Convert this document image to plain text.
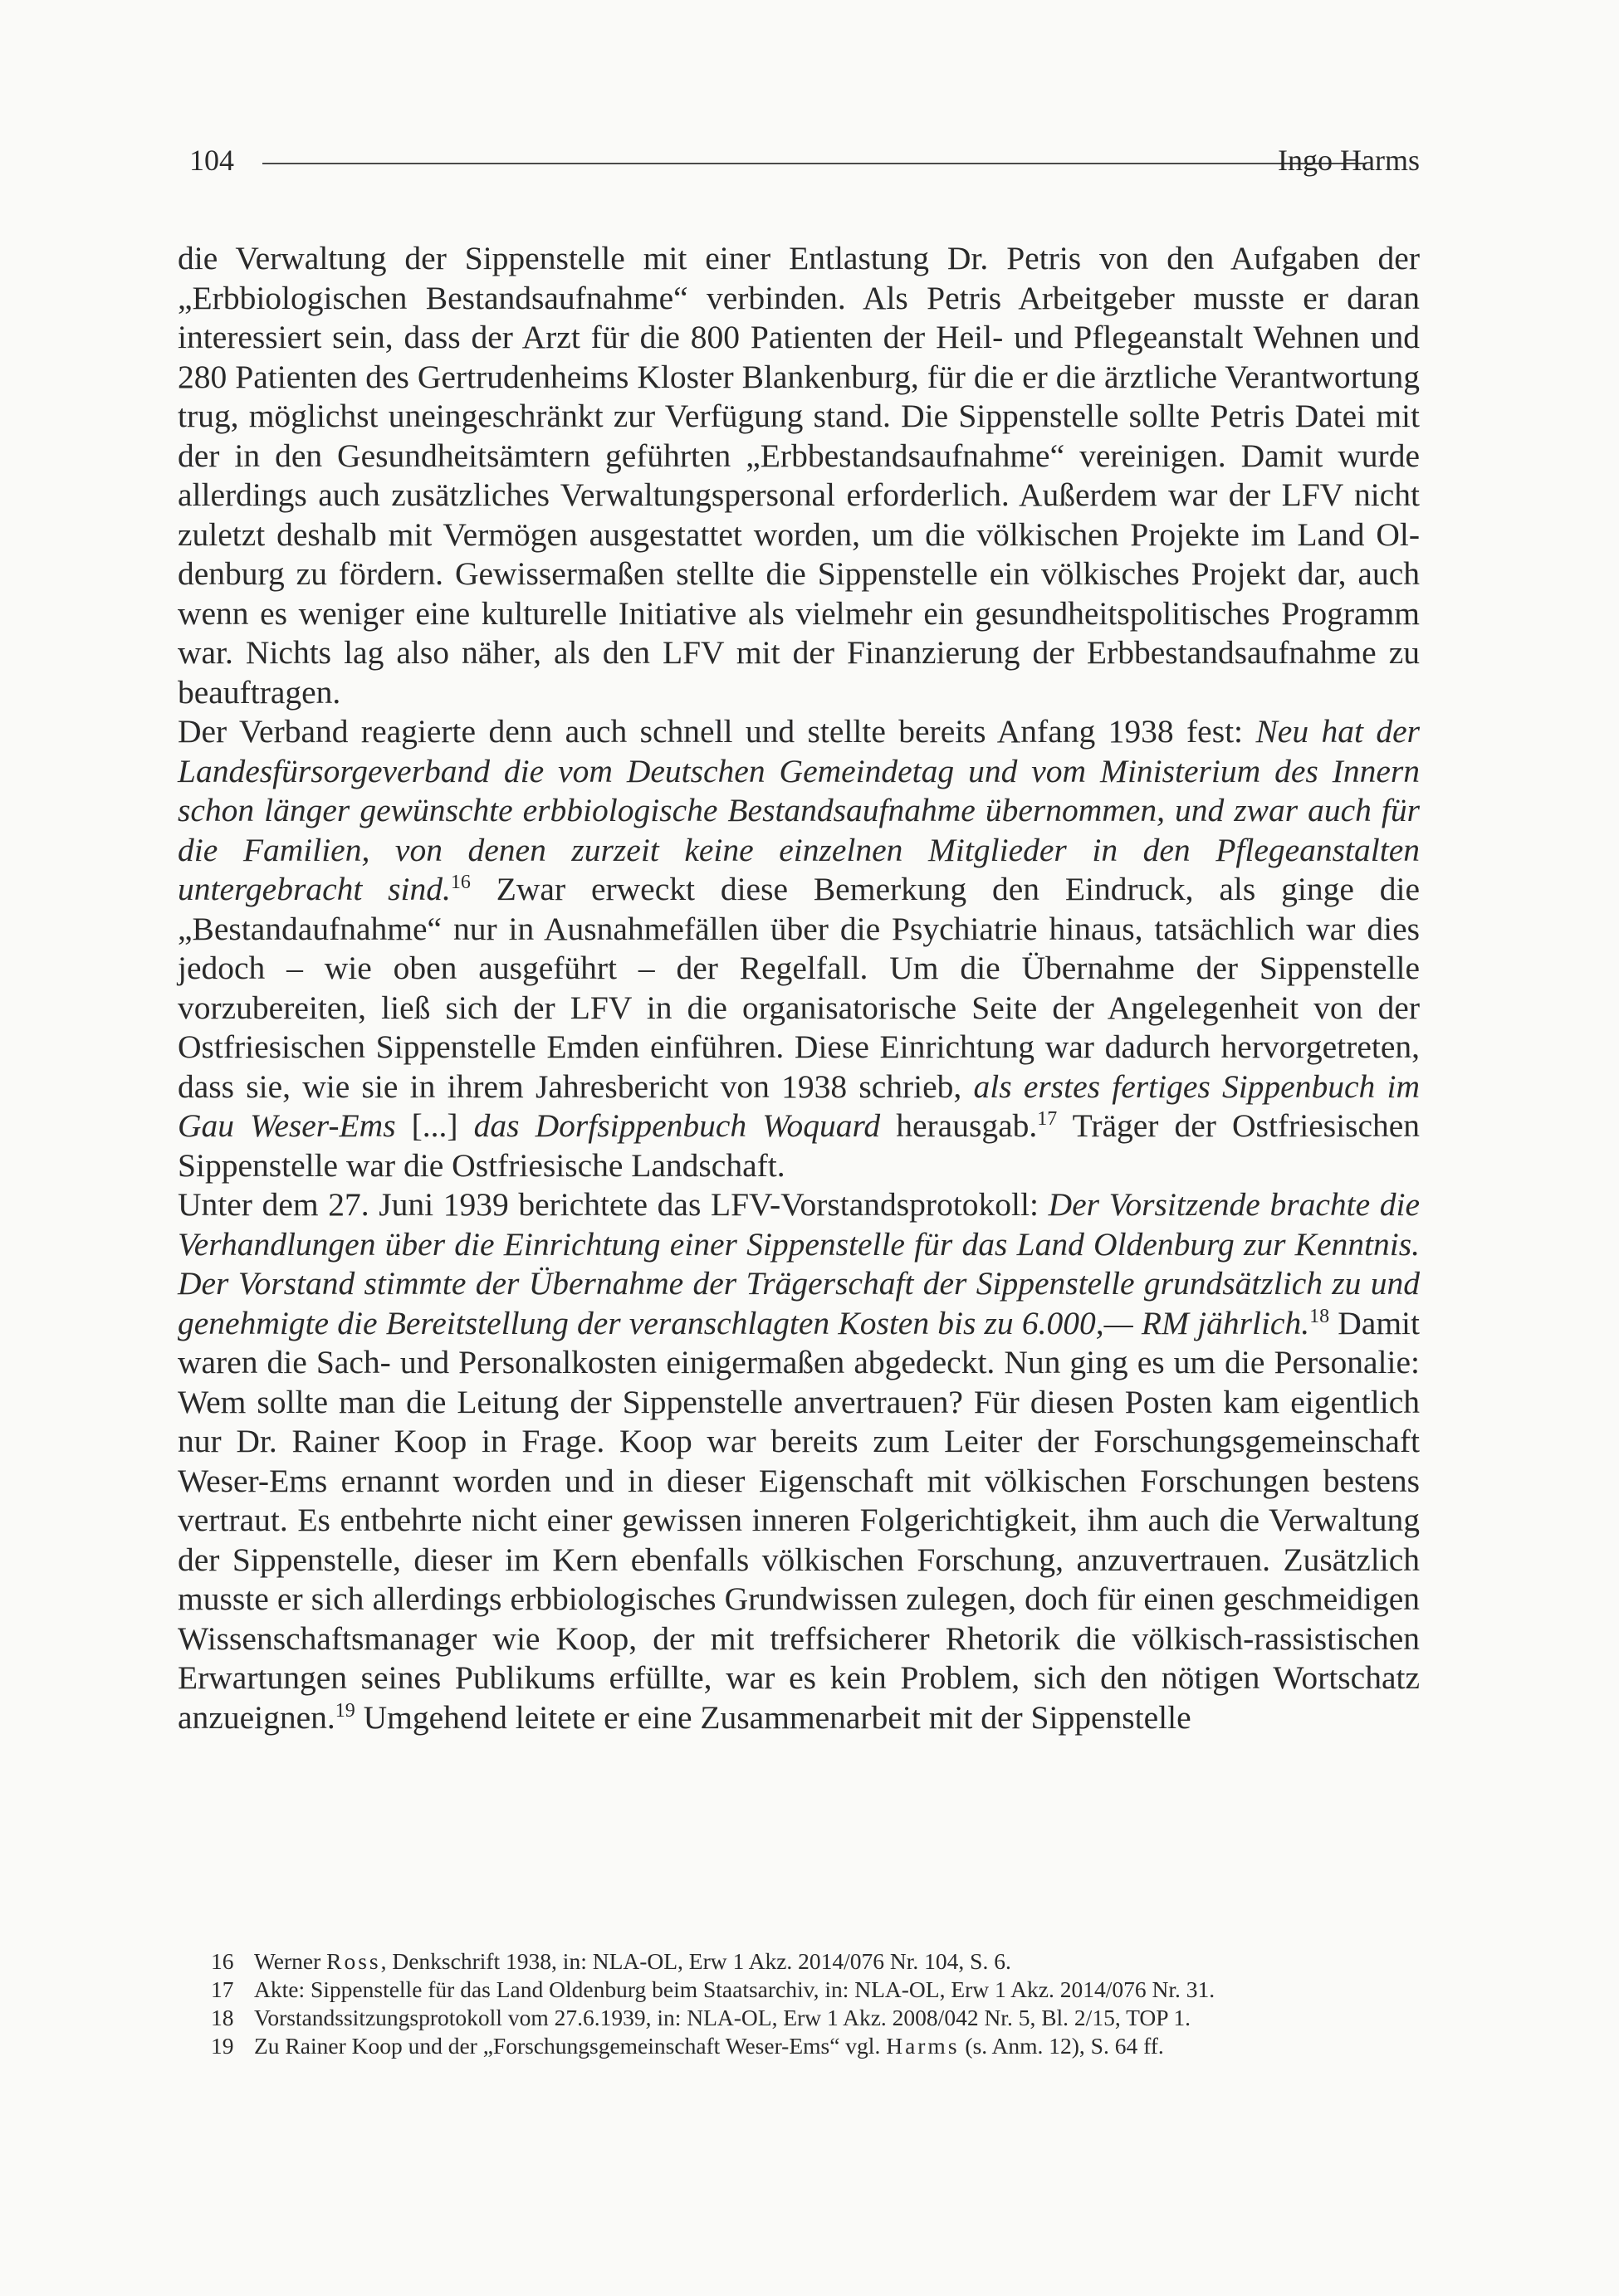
104	Ingo Harms

die Verwaltung der Sippenstelle mit einer Entlastung Dr. Petris von den Aufgaben der „Erbbiologischen Bestandsaufnahme“ verbinden. Als Petris Arbeitgeber musste er daran interessiert sein, dass der Arzt für die 800 Patienten der Heil- und Pflegeanstalt Wehnen und 280 Patienten des Gertrudenheims Kloster Blankenburg, für die er die ärztliche Verantwortung trug, möglichst uneingeschränkt zur Verfügung stand. Die Sippenstelle sollte Petris Datei mit der in den Gesundheitsämtern geführten „Erbbestandsaufnahme“ vereinigen. Damit wurde allerdings auch zusätzliches Verwaltungspersonal erforderlich. Außerdem war der LFV nicht zuletzt deshalb mit Vermögen ausgestattet worden, um die völkischen Projekte im Land Oldenburg zu fördern. Gewissermaßen stellte die Sippenstelle ein völkisches Projekt dar, auch wenn es weniger eine kulturelle Initiative als vielmehr ein gesundheitspolitisches Programm war. Nichts lag also näher, als den LFV mit der Finanzierung der Erbbestandsaufnahme zu beauftragen.

Der Verband reagierte denn auch schnell und stellte bereits Anfang 1938 fest: Neu hat der Landesfürsorgeverband die vom Deutschen Gemeindetag und vom Ministerium des Innern schon länger gewünschte erbbiologische Bestandsaufnahme übernommen, und zwar auch für die Familien, von denen zurzeit keine einzelnen Mitglieder in den Pflegeanstalten untergebracht sind.$^{16}$ Zwar erweckt diese Bemerkung den Eindruck, als ginge die „Bestandaufnahme“ nur in Ausnahmefällen über die Psychiatrie hinaus, tatsächlich war dies jedoch – wie oben ausgeführt – der Regelfall. Um die Übernahme der Sippenstelle vorzubereiten, ließ sich der LFV in die organisatorische Seite der Angelegenheit von der Ostfriesischen Sippenstelle Emden einführen. Diese Einrichtung war dadurch hervorgetreten, dass sie, wie sie in ihrem Jahresbericht von 1938 schrieb, als erstes fertiges Sippenbuch im Gau Weser-Ems [...] das Dorfsippenbuch Woquard herausgab.$^{17}$ Träger der Ostfriesischen Sippenstelle war die Ostfriesische Landschaft.

Unter dem 27. Juni 1939 berichtete das LFV-Vorstandsprotokoll: Der Vorsitzende brachte die Verhandlungen über die Einrichtung einer Sippenstelle für das Land Oldenburg zur Kenntnis. Der Vorstand stimmte der Übernahme der Trägerschaft der Sippenstelle grundsätzlich zu und genehmigte die Bereitstellung der veranschlagten Kosten bis zu 6.000,— RM jährlich.$^{18}$ Damit waren die Sach- und Personalkosten einigermaßen abgedeckt. Nun ging es um die Personalie: Wem sollte man die Leitung der Sippenstelle anvertrauen? Für diesen Posten kam eigentlich nur Dr. Rainer Koop in Frage. Koop war bereits zum Leiter der Forschungsgemeinschaft Weser-Ems ernannt worden und in dieser Eigenschaft mit völkischen Forschungen bestens vertraut. Es entbehrte nicht einer gewissen inneren Folgerichtigkeit, ihm auch die Verwaltung der Sippenstelle, dieser im Kern ebenfalls völkischen Forschung, anzuvertrauen. Zusätzlich musste er sich allerdings erbbiologisches Grundwissen zulegen, doch für einen geschmeidigen Wissenschaftsmanager wie Koop, der mit treffsicherer Rhetorik die völkisch-rassistischen Erwartungen seines Publikums erfüllte, war es kein Problem, sich den nötigen Wortschatz anzueignen.$^{19}$ Umgehend leitete er eine Zusammenarbeit mit der Sippenstelle

16 Werner Ross, Denkschrift 1938, in: NLA-OL, Erw 1 Akz. 2014/076 Nr. 104, S. 6.
17 Akte: Sippenstelle für das Land Oldenburg beim Staatsarchiv, in: NLA-OL, Erw 1 Akz. 2014/076 Nr. 31.
18 Vorstandssitzungsprotokoll vom 27.6.1939, in: NLA-OL, Erw 1 Akz. 2008/042 Nr. 5, Bl. 2/15, TOP 1.
19 Zu Rainer Koop und der „Forschungsgemeinschaft Weser-Ems“ vgl. Harms (s. Anm. 12), S. 64 ff.
